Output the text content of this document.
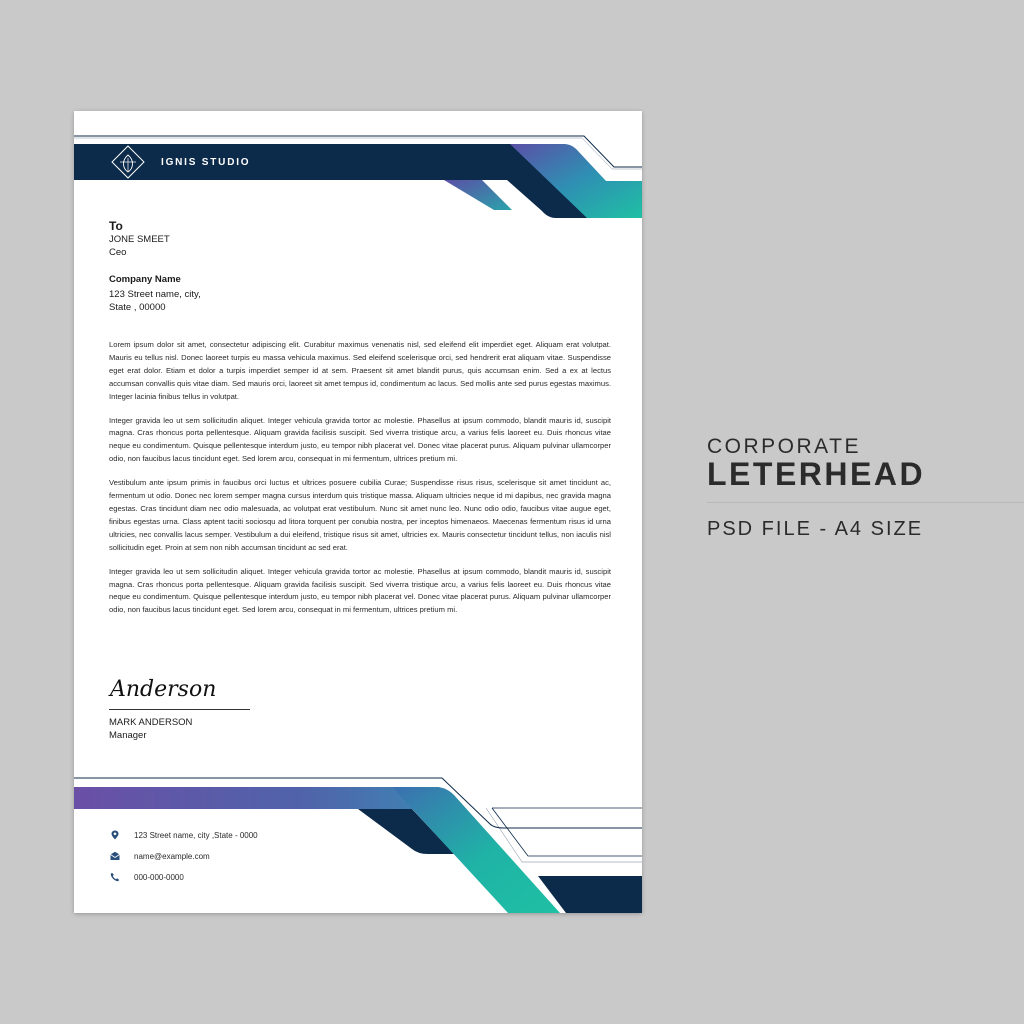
IGNIS STUDIO
To
JONE SMEET
Ceo
Company Name
123 Street name, city,
State , 00000

Lorem ipsum dolor sit amet, consectetur adipiscing elit. Curabitur maximus venenatis nisl, sed eleifend elit imperdiet eget. Aliquam erat volutpat. Mauris eu tellus nisl. Donec laoreet turpis eu massa vehicula maximus. Sed eleifend scelerisque orci, sed hendrerit erat aliquam vitae. Suspendisse eget erat dolor. Etiam et dolor a turpis imperdiet semper id at sem. Praesent sit amet blandit purus, quis accumsan enim. Sed a ex at lectus accumsan convallis quis vitae diam. Sed mauris orci, laoreet sit amet tempus id, condimentum ac lacus. Sed mollis ante sed purus egestas maximus. Integer lacinia finibus tellus in volutpat.

Integer gravida leo ut sem sollicitudin aliquet. Integer vehicula gravida tortor ac molestie. Phasellus at ipsum commodo, blandit mauris id, suscipit magna. Cras rhoncus porta pellentesque. Aliquam gravida facilisis suscipit. Sed viverra tristique arcu, a varius felis laoreet eu. Duis rhoncus vitae neque eu condimentum. Quisque pellentesque interdum justo, eu tempor nibh placerat vel. Donec vitae placerat purus. Aliquam pulvinar ullamcorper odio, non faucibus lacus tincidunt eget. Sed lorem arcu, consequat in mi fermentum, ultrices pretium mi.

Vestibulum ante ipsum primis in faucibus orci luctus et ultrices posuere cubilia Curae; Suspendisse risus risus, scelerisque sit amet tincidunt ac, fermentum ut odio. Donec nec lorem semper magna cursus interdum quis tristique massa. Aliquam ultricies neque id mi dapibus, nec gravida magna egestas. Cras tincidunt diam nec odio malesuada, ac volutpat erat vestibulum. Nunc sit amet nunc leo. Nunc odio odio, faucibus vitae augue eget, finibus egestas urna. Class aptent taciti sociosqu ad litora torquent per conubia nostra, per inceptos himenaeos. Maecenas fermentum risus id urna ultricies, nec convallis lacus semper. Vestibulum a dui eleifend, tristique risus sit amet, ultricies ex. Mauris consectetur tincidunt tellus, non iaculis nisl sollicitudin eget. Proin at sem non nibh accumsan tincidunt ac sed erat.

Integer gravida leo ut sem sollicitudin aliquet. Integer vehicula gravida tortor ac molestie. Phasellus at ipsum commodo, blandit mauris id, suscipit magna. Cras rhoncus porta pellentesque. Aliquam gravida facilisis suscipit. Sed viverra tristique arcu, a varius felis laoreet eu. Duis rhoncus vitae neque eu condimentum. Quisque pellentesque interdum justo, eu tempor nibh placerat vel. Donec vitae placerat purus. Aliquam pulvinar ullamcorper odio, non faucibus lacus tincidunt eget. Sed lorem arcu, consequat in mi fermentum, ultrices pretium mi.

Anderson
MARK ANDERSON
Manager
123 Street name, city ,State - 0000
name@example.com
000-000-0000
CORPORATE
LETERHEAD
PSD FILE - A4 SIZE
